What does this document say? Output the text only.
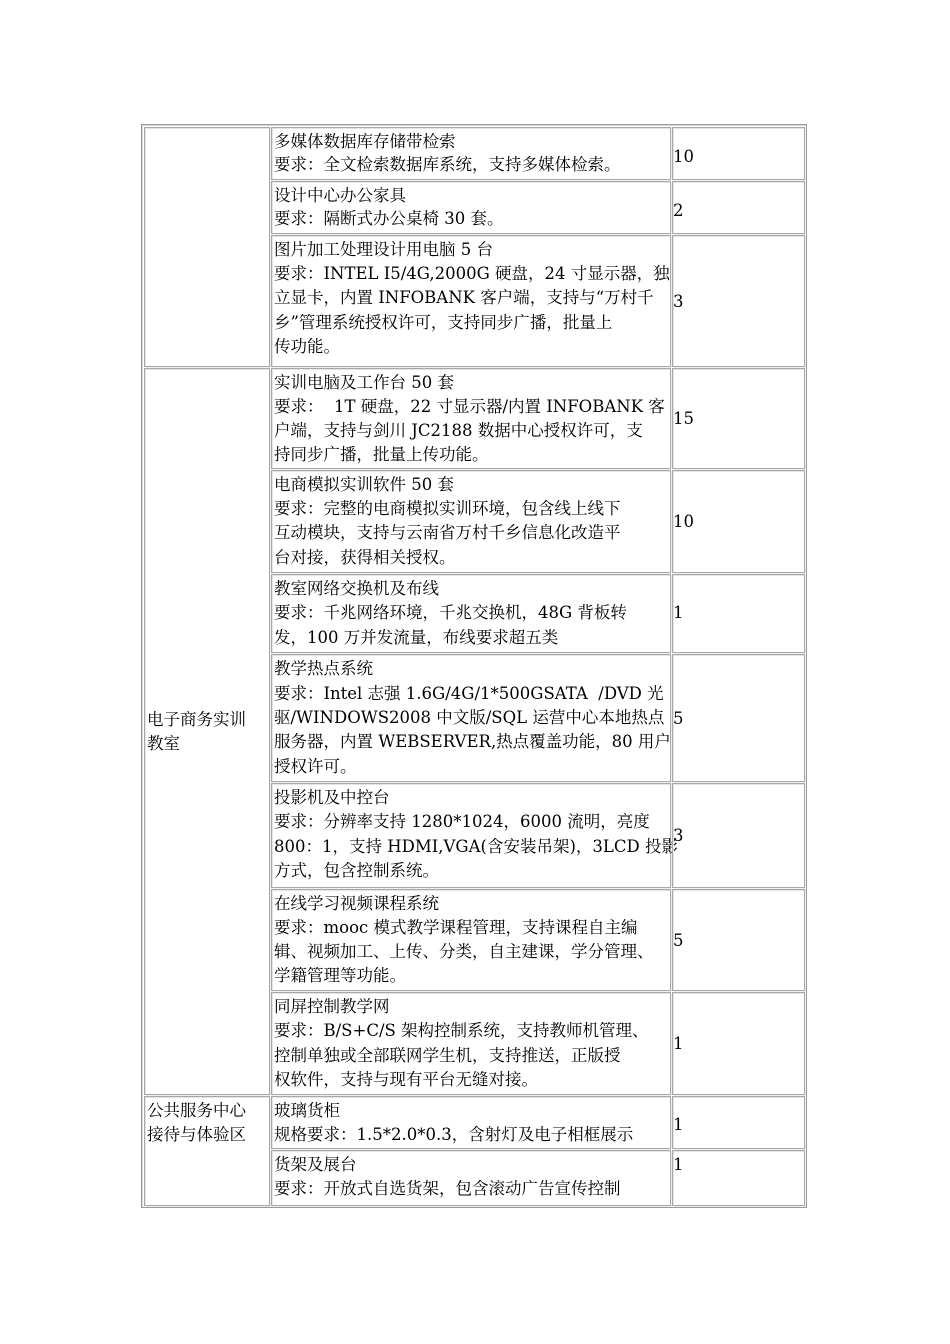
电子商务实训
教室
公共服务中心
接待与体验区
多媒体数据库存储带检索
要求：全文检索数据库系统，支持多媒体检索。	10
设计中心办公家具
要求：隔断式办公桌椅 30 套。	2
图片加工处理设计用电脑 5 台
要求：INTEL I5/4G,2000G 硬盘，24 寸显示器，独
立显卡，内置 INFOBANK 客户端，支持与“万村千
乡”管理系统授权许可，支持同步广播，批量上
传功能。
3
实训电脑及工作台 50 套
要求：  1T 硬盘，22 寸显示器/内置 INFOBANK 客
户端，支持与剑川 JC2188 数据中心授权许可，支
持同步广播，批量上传功能。
15
电商模拟实训软件 50 套
要求：完整的电商模拟实训环境，包含线上线下
互动模块，支持与云南省万村千乡信息化改造平
台对接，获得相关授权。
10
教室网络交换机及布线
要求：千兆网络环境，千兆交换机，48G 背板转
发，100 万并发流量，布线要求超五类
1
教学热点系统
要求：Intel 志强 1.6G/4G/1*500GSATA  /DVD 光
驱/WINDOWS2008 中文版/SQL 运营中心本地热点
服务器，内置 WEBSERVER,热点覆盖功能，80 用户
授权许可。
5
投影机及中控台
要求：分辨率支持 1280*1024，6000 流明，亮度
800：1，支持 HDMI,VGA(含安装吊架)，3LCD 投影
方式，包含控制系统。
3
在线学习视频课程系统
要求：mooc 模式教学课程管理，支持课程自主编
辑、视频加工、上传、分类，自主建课，学分管理、
学籍管理等功能。
5
同屏控制教学网
要求：B/S+C/S 架构控制系统，支持教师机管理、
控制单独或全部联网学生机，支持推送，正版授
权软件，支持与现有平台无缝对接。
1
玻璃货柜
规格要求：1.5*2.0*0.3，含射灯及电子相框展示
1
货架及展台
要求：开放式自选货架，包含滚动广告宣传控制
1
